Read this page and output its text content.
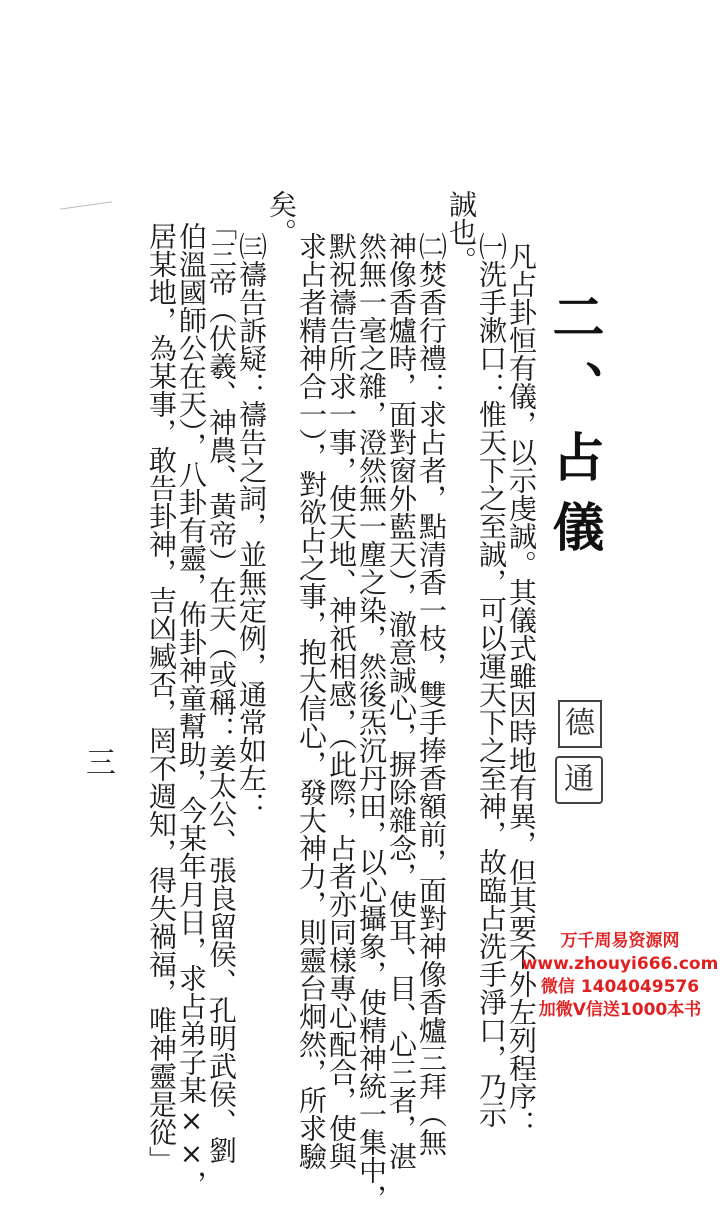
二、占儀
凡占卦恒有儀，以示虔誠。其儀式雖因時地有異，但其要不外左列程序：
㈠洗手漱口：惟天下之至誠，可以運天下之至神，故臨占洗手淨口，乃示
誠也。
㈡焚香行禮：求占者，點清香一枝，雙手捧香額前，面對神像香爐三拜（無
神像香爐時，面對窗外藍天），澈意誠心，摒除雜念，使耳、目、心三者，湛
然無一毫之雜，澄然無一塵之染，然後炁沉丹田，以心攝象，使精神統一集中，
默祝禱告所求一事，使天地、神祇相感，（此際，占者亦同樣專心配合，使與
求占者精神合一），對欲占之事，抱大信心，發大神力，則靈台炯然，所求驗
矣。
㈢禱告訴疑：禱告之詞，並無定例，通常如左：
「三帝（伏羲、神農、黃帝）在天（或稱：姜太公、張良留侯、孔明武侯、劉
伯溫國師公在天），八卦有靈，佈卦神童幫助，今某年月日，求占弟子某××，
居某地，為某事，敢告卦神，吉凶臧否，罔不週知，得失禍福，唯神靈是從」	德
通
三
万千周易资源网
www.zhouyi666.com
微信 1404049576
加微V信送1000本书
